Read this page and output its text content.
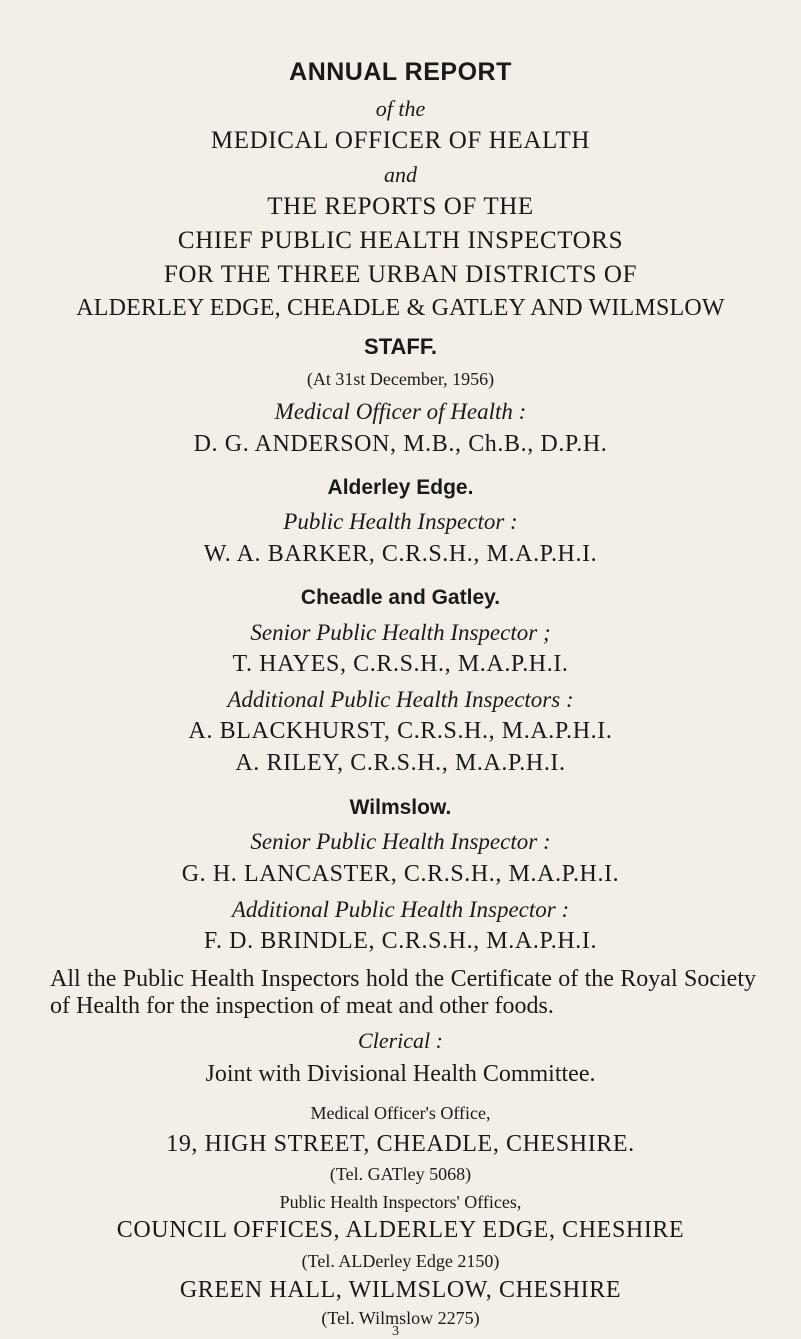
ANNUAL REPORT
of the
MEDICAL OFFICER OF HEALTH
and
THE REPORTS OF THE
CHIEF PUBLIC HEALTH INSPECTORS
FOR THE THREE URBAN DISTRICTS OF
ALDERLEY EDGE, CHEADLE & GATLEY AND WILMSLOW
STAFF.
(At 31st December, 1956)
Medical Officer of Health :
D. G. ANDERSON, M.B., Ch.B., D.P.H.
Alderley Edge.
Public Health Inspector :
W. A. BARKER, C.R.S.H., M.A.P.H.I.
Cheadle and Gatley.
Senior Public Health Inspector ;
T. HAYES, C.R.S.H., M.A.P.H.I.
Additional Public Health Inspectors :
A. BLACKHURST, C.R.S.H., M.A.P.H.I.
A. RILEY, C.R.S.H., M.A.P.H.I.
Wilmslow.
Senior Public Health Inspector :
G. H. LANCASTER, C.R.S.H., M.A.P.H.I.
Additional Public Health Inspector :
F. D. BRINDLE, C.R.S.H., M.A.P.H.I.
All the Public Health Inspectors hold the Certificate of the Royal Society of Health for the inspection of meat and other foods.
Clerical :
Joint with Divisional Health Committee.
Medical Officer's Office,
19, HIGH STREET, CHEADLE, CHESHIRE.
(Tel. GATley 5068)
Public Health Inspectors' Offices,
COUNCIL OFFICES, ALDERLEY EDGE, CHESHIRE
(Tel. ALDerley Edge 2150)
GREEN HALL, WILMSLOW, CHESHIRE
(Tel. Wilmslow 2275)
3
